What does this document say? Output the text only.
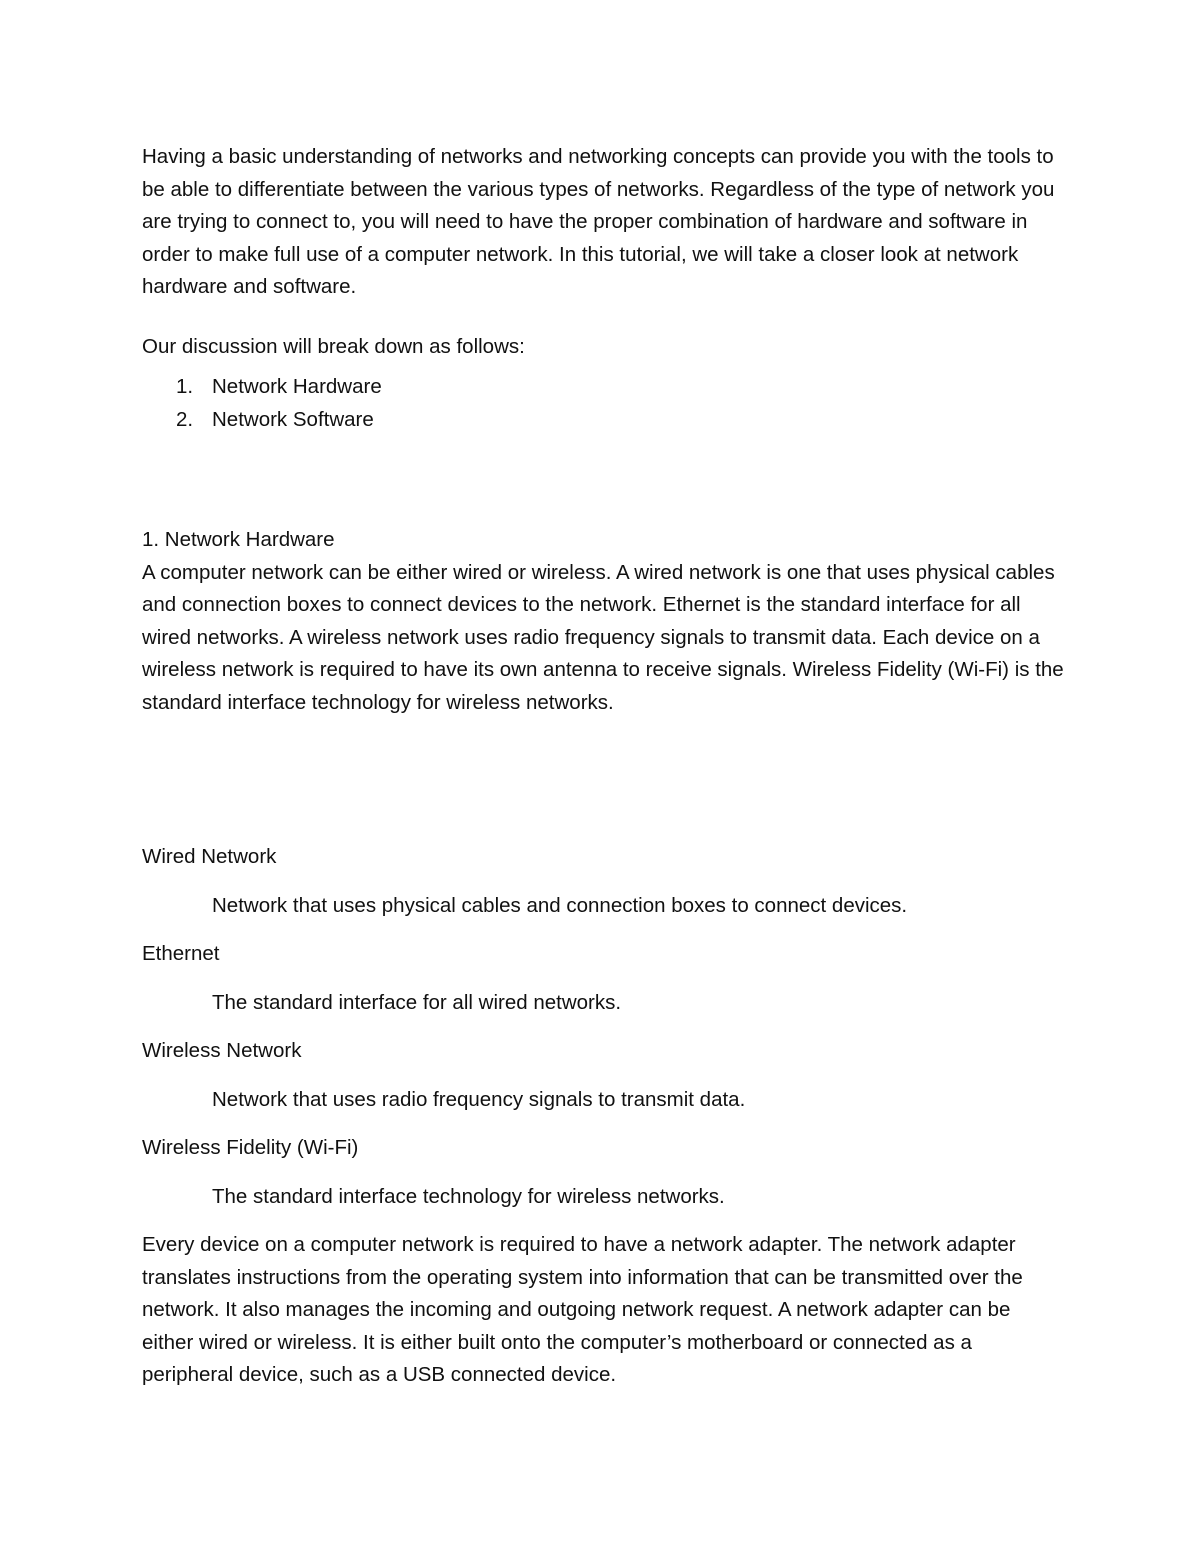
Having a basic understanding of networks and networking concepts can provide you with the tools to be able to differentiate between the various types of networks. Regardless of the type of network you are trying to connect to, you will need to have the proper combination of hardware and software in order to make full use of a computer network. In this tutorial, we will take a closer look at network hardware and software.

Our discussion will break down as follows:

1. Network Hardware
2. Network Software

1. Network Hardware

A computer network can be either wired or wireless. A wired network is one that uses physical cables and connection boxes to connect devices to the network. Ethernet is the standard interface for all wired networks. A wireless network uses radio frequency signals to transmit data. Each device on a wireless network is required to have its own antenna to receive signals. Wireless Fidelity (Wi-Fi) is the standard interface technology for wireless networks.

Wired Network

Network that uses physical cables and connection boxes to connect devices.

Ethernet

The standard interface for all wired networks.

Wireless Network

Network that uses radio frequency signals to transmit data.

Wireless Fidelity (Wi-Fi)

The standard interface technology for wireless networks.

Every device on a computer network is required to have a network adapter. The network adapter translates instructions from the operating system into information that can be transmitted over the network. It also manages the incoming and outgoing network request. A network adapter can be either wired or wireless. It is either built onto the computer’s motherboard or connected as a peripheral device, such as a USB connected device.
